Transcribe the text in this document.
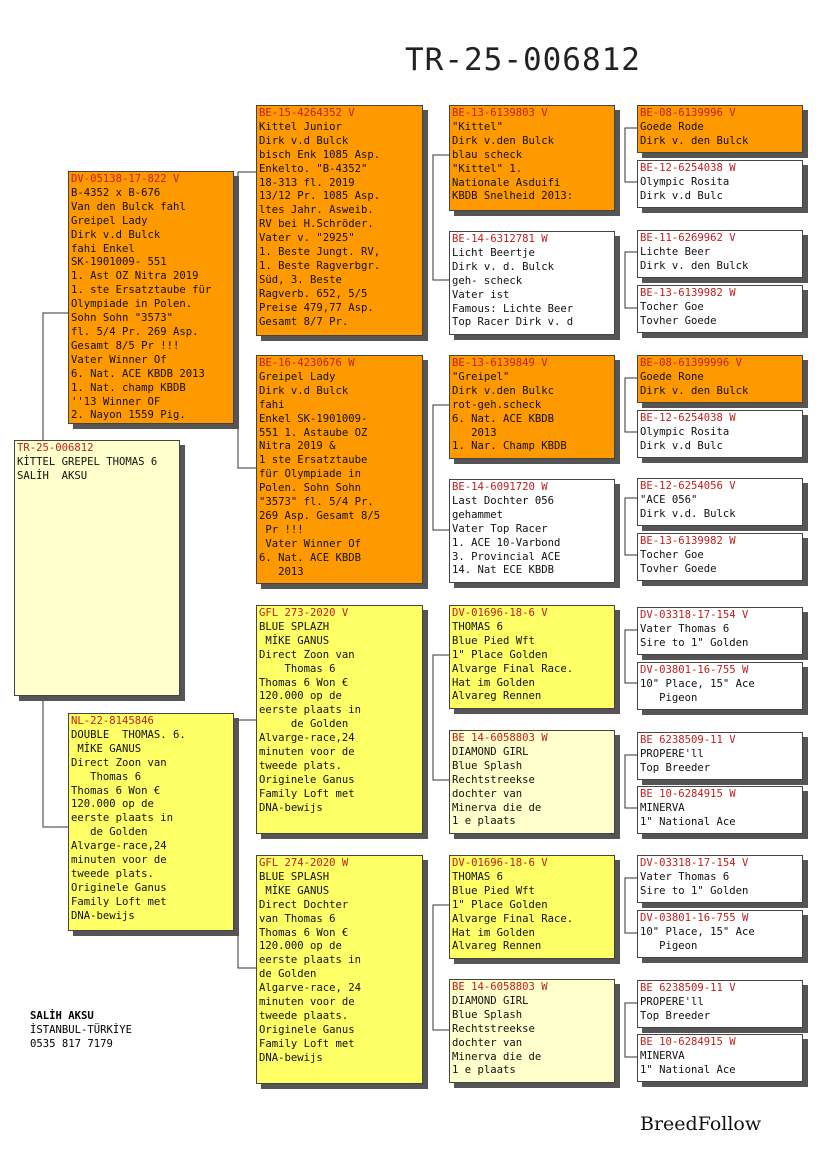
TR-25-006812
TR-25-006812
KİTTEL GREPEL THOMAS 6
SALİH  AKSU
DV-05138-17-822 V
B-4352 x B-676
Van den Bulck fahl
Greipel Lady
Dirk v.d Bulck
fahi Enkel
SK-1901009- 551
1. Ast OZ Nitra 2019
1. ste Ersatztaube für
Olympiade in Polen.
Sohn Sohn "3573"
fl. 5/4 Pr. 269 Asp.
Gesamt 8/5 Pr !!!
Vater Winner Of
6. Nat. ACE KBDB 2013
1. Nat. champ KBDB
''13 Winner OF
2. Nayon 1559 Pig.
NL-22-8145846
DOUBLE  THOMAS. 6.
MİKE GANUS
Direct Zoon van
Thomas 6
Thomas 6 Won €
120.000 op de
eerste plaats in
de Golden
Alvarge-race,24
minuten voor de
tweede plats.
Originele Ganus
Family Loft met
DNA-bewijs
BE-15-4264352 V
Kittel Junior
Dirk v.d Bulck
bisch Enk 1085 Asp.
Enkelto. "B-4352"
18-313 fl. 2019
13/12 Pr. 1085 Asp.
ltes Jahr. Asweib.
RV bei H.Schröder.
Vater v. "2925"
1. Beste Jungt. RV,
1. Beste Ragverbgr.
Süd, 3. Beste
Ragverb. 652, 5/5
Preise 479,77 Asp.
Gesamt 8/7 Pr.
BE-16-4230676 W
Greipel Lady
Dirk v.d Bulck
fahi
Enkel SK-1901009-
551 1. Astaube OZ
Nitra 2019 &
1 ste Ersatztaube
für Olympiade in
Polen. Sohn Sohn
"3573" fl. 5/4 Pr.
269 Asp. Gesamt 8/5
Pr !!!
Vater Winner Of
6. Nat. ACE KBDB
2013
GFL 273-2020 V
BLUE SPLAZH
MİKE GANUS
Direct Zoon van
Thomas 6
Thomas 6 Won €
120.000 op de
eerste plaats in
de Golden
Alvarge-race,24
minuten voor de
tweede plats.
Originele Ganus
Family Loft met
DNA-bewijs
GFL 274-2020 W
BLUE SPLASH
MİKE GANUS
Direct Dochter
van Thomas 6
Thomas 6 Won €
120.000 op de
eerste plaats in
de Golden
Algarve-race, 24
minuten voor de
tweede plaats.
Originele Ganus
Family Loft met
DNA-bewijs
BE-13-6139803 V
"Kittel"
Dirk v.den Bulck
blau scheck
"Kittel" 1.
Nationale Asduifi
KBDB Snelheid 2013:
BE-14-6312781 W
Licht Beertje
Dirk v. d. Bulck
geh- scheck
Vater ist
Famous: Lichte Beer
Top Racer Dirk v. d
BE-13-6139849 V
"Greipel"
Dirk v.den Bulkc
rot-geh.scheck
6. Nat. ACE KBDB
2013
1. Nar. Champ KBDB
BE-14-6091720 W
Last Dochter 056
gehammet
Vater Top Racer
1. ACE 10-Varbond
3. Provincial ACE
14. Nat ECE KBDB
DV-01696-18-6 V
THOMAS 6
Blue Pied Wft
1" Place Golden
Alvarge Final Race.
Hat im Golden
Alvareg Rennen
BE 14-6058803 W
DIAMOND GIRL
Blue Splash
Rechtstreekse
dochter van
Minerva die de
1 e plaats
DV-01696-18-6 V
THOMAS 6
Blue Pied Wft
1" Place Golden
Alvarge Final Race.
Hat im Golden
Alvareg Rennen
BE 14-6058803 W
DIAMOND GIRL
Blue Splash
Rechtstreekse
dochter van
Minerva die de
1 e plaats
BE-08-6139996 V
Goede Rode
Dirk v. den Bulck
BE-12-6254038 W
Olympic Rosita
Dirk v.d Bulc
BE-11-6269962 V
Lichte Beer
Dirk v. den Bulck
BE-13-6139982 W
Tocher Goe
Tovher Goede
BE-08-61399996 V
Goede Rone
Dirk v. den Bulck
BE-12-6254038 W
Olympic Rosita
Dirk v.d Bulc
BE-12-6254056 V
"ACE 056"
Dirk v.d. Bulck
BE-13-6139982 W
Tocher Goe
Tovher Goede
DV-03318-17-154 V
Vater Thomas 6
Sire to 1" Golden
DV-03801-16-755 W
10" Place, 15" Ace
Pigeon
BE 6238509-11 V
PROPERE'll
Top Breeder
BE 10-6284915 W
MINERVA
1" National Ace
DV-03318-17-154 V
Vater Thomas 6
Sire to 1" Golden
DV-03801-16-755 W
10" Place, 15" Ace
Pigeon
BE 6238509-11 V
PROPERE'll
Top Breeder
BE 10-6284915 W
MINERVA
1" National Ace
SALİH AKSU
İSTANBUL-TÜRKİYE
0535 817 7179
BreedFollow
